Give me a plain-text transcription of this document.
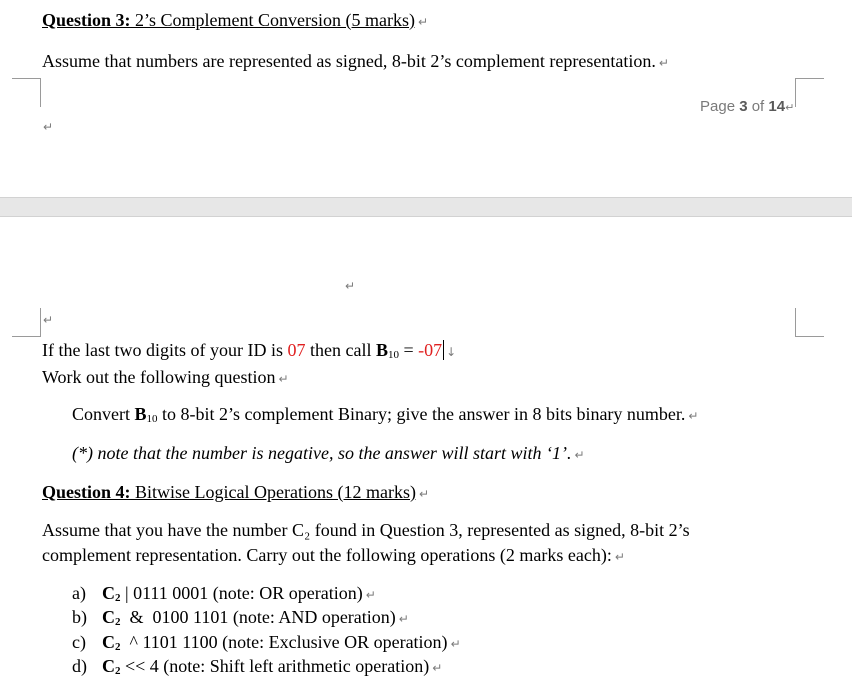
Question 3: 2’s Complement Conversion (5 marks) ↵
Assume that numbers are represented as signed, 8-bit 2’s complement representation. ↵
Page 3 of 14↵
↵
↵
↵
If the last two digits of your ID is 07 then call $B_{10} = -07$ ↓
Work out the following question ↵
Convert $B_{10}$ to 8-bit 2’s complement Binary; give the answer in 8 bits binary number. ↵
(*) note that the number is negative, so the answer will start with ‘1’. ↵
Question 4: Bitwise Logical Operations (12 marks) ↵
Assume that you have the number C₂ found in Question 3, represented as signed, 8-bit 2’s
complement representation. Carry out the following operations (2 marks each): ↵
a) $C_2$ | 0111 0001 (note: OR operation) ↵
b) $C_2$  &  0100 1101 (note: AND operation) ↵
c) $C_2$  ^ 1101 1100 (note: Exclusive OR operation) ↵
d) $C_2 << 4$ (note: Shift left arithmetic operation) ↵
